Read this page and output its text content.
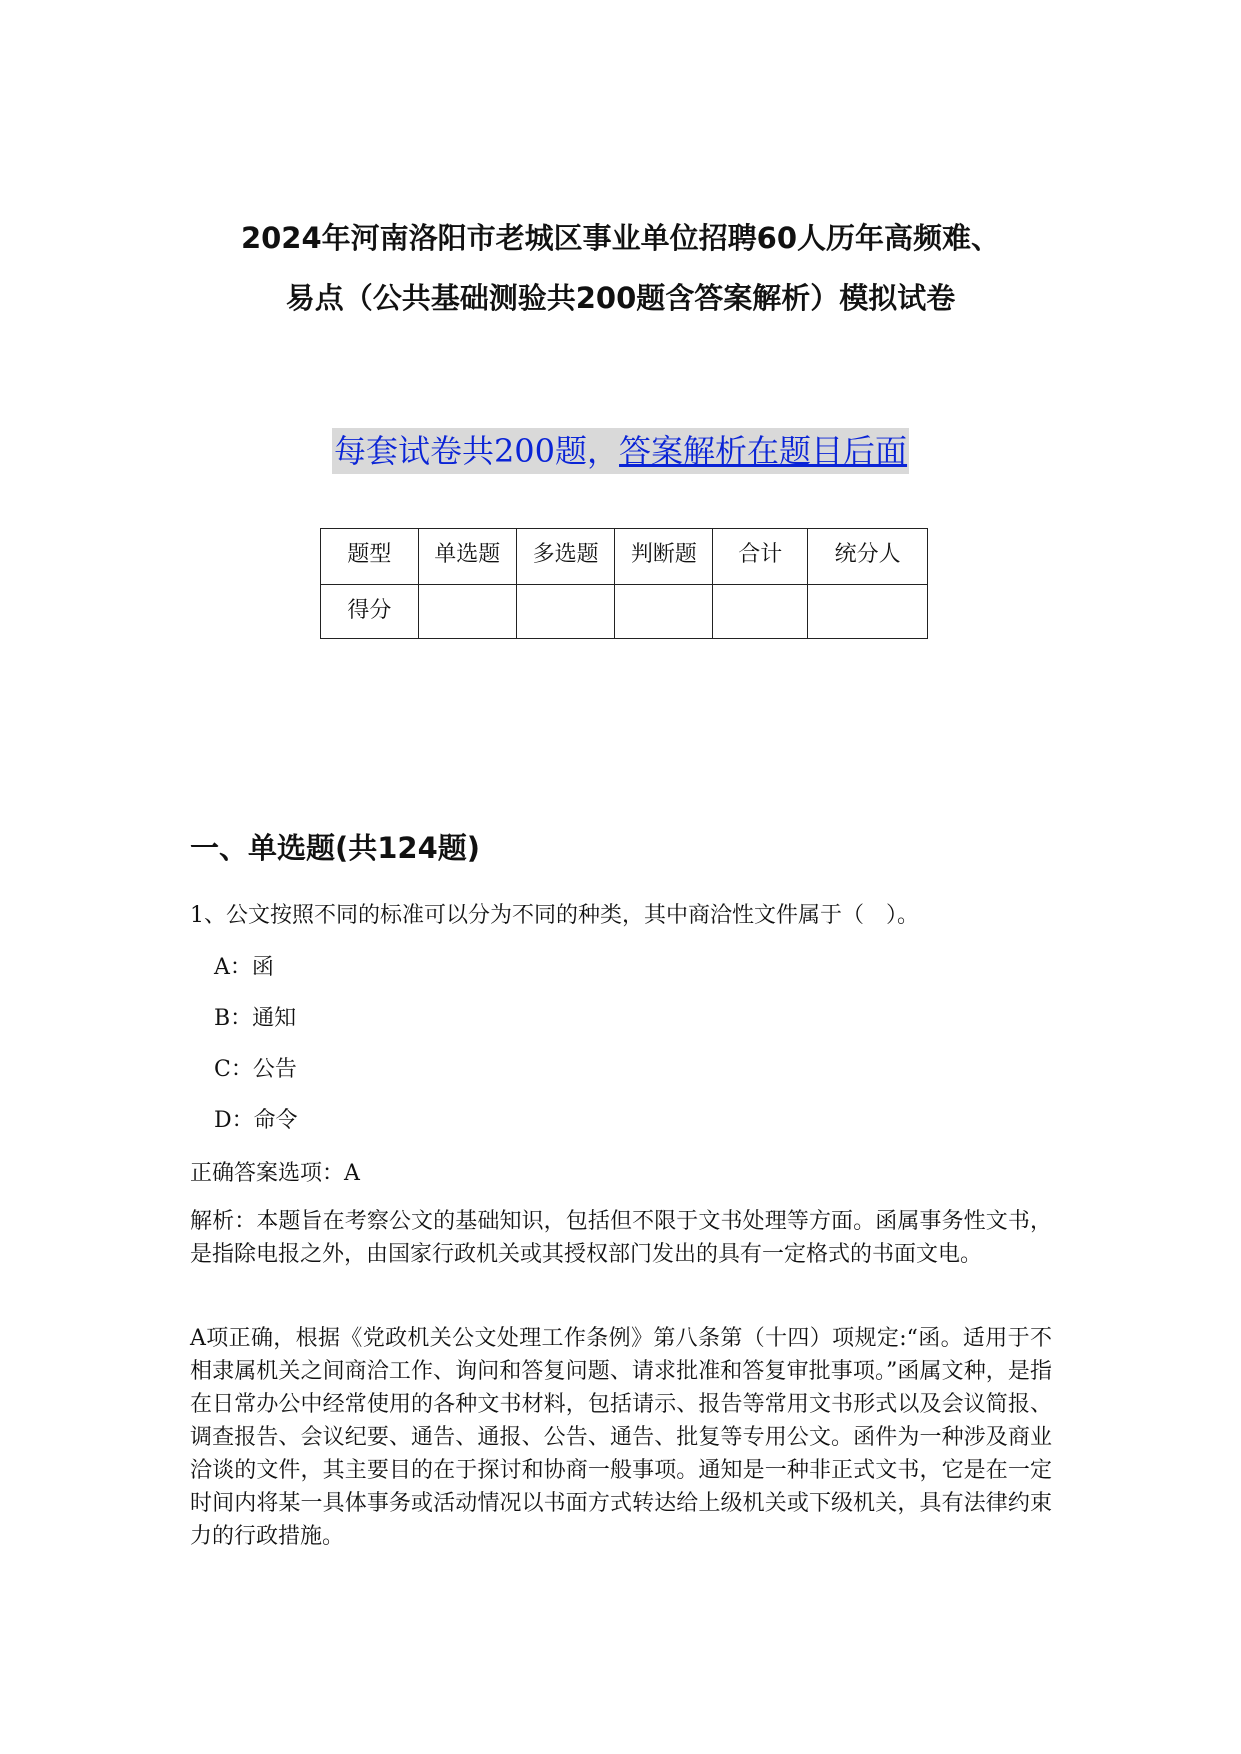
2024年河南洛阳市老城区事业单位招聘60人历年高频难、
易点（公共基础测验共200题含答案解析）模拟试卷
每套试卷共200题，答案解析在题目后面
题型	单选题	多选题	判断题	合计	统分人
得分					
一、单选题(共124题)

1、公文按照不同的标准可以分为不同的种类，其中商洽性文件属于（　）。

A：函
B：通知
C：公告
D：命令

正确答案选项：A

解析：本题旨在考察公文的基础知识，包括但不限于文书处理等方面。函属事务性文书，是指除电报之外，由国家行政机关或其授权部门发出的具有一定格式的书面文电。

A项正确，根据《党政机关公文处理工作条例》第八条第（十四）项规定:“函。适用于不相隶属机关之间商洽工作、询问和答复问题、请求批准和答复审批事项。”函属文种，是指在日常办公中经常使用的各种文书材料，包括请示、报告等常用文书形式以及会议简报、调查报告、会议纪要、通告、通报、公告、通告、批复等专用公文。函件为一种涉及商业洽谈的文件，其主要目的在于探讨和协商一般事项。通知是一种非正式文书，它是在一定时间内将某一具体事务或活动情况以书面方式转达给上级机关或下级机关，具有法律约束力的行政措施。
